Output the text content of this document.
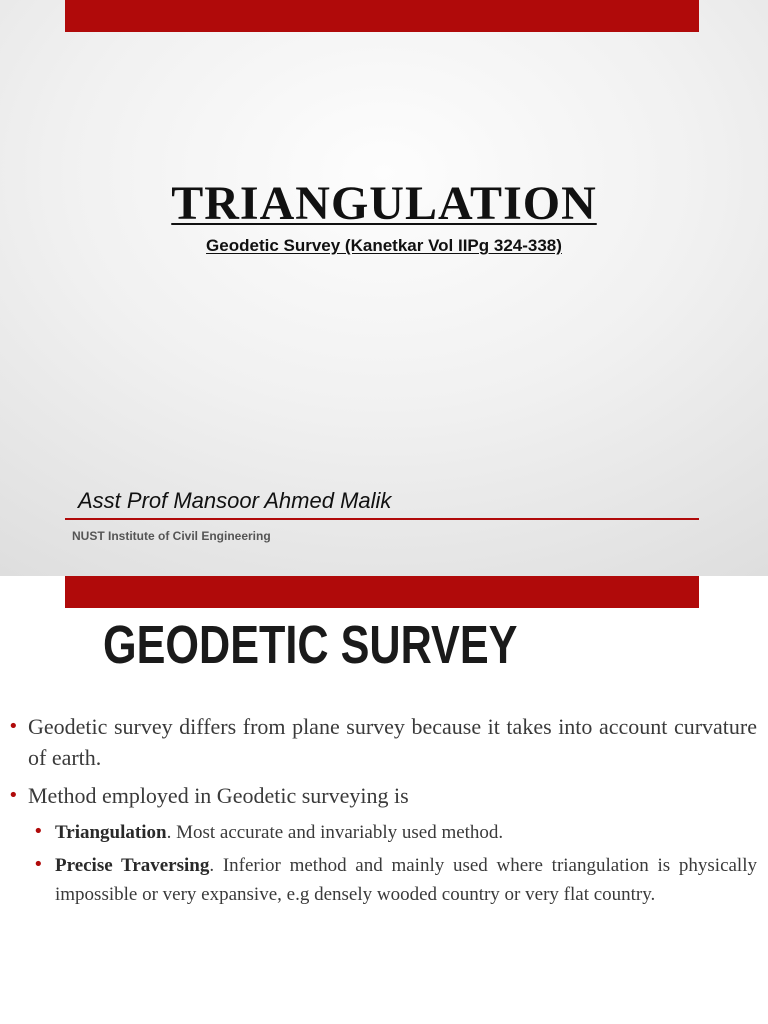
TRIANGULATION
Geodetic Survey (Kanetkar Vol IIPg 324-338)
Asst Prof Mansoor Ahmed Malik
NUST Institute of Civil Engineering
GEODETIC SURVEY
• Geodetic survey differs from plane survey because it takes into account curvature of earth.
• Method employed in Geodetic surveying is
• Triangulation. Most accurate and invariably used method.
• Precise Traversing. Inferior method and mainly used where triangulation is physically impossible or very expansive, e.g densely wooded country or very flat country.
